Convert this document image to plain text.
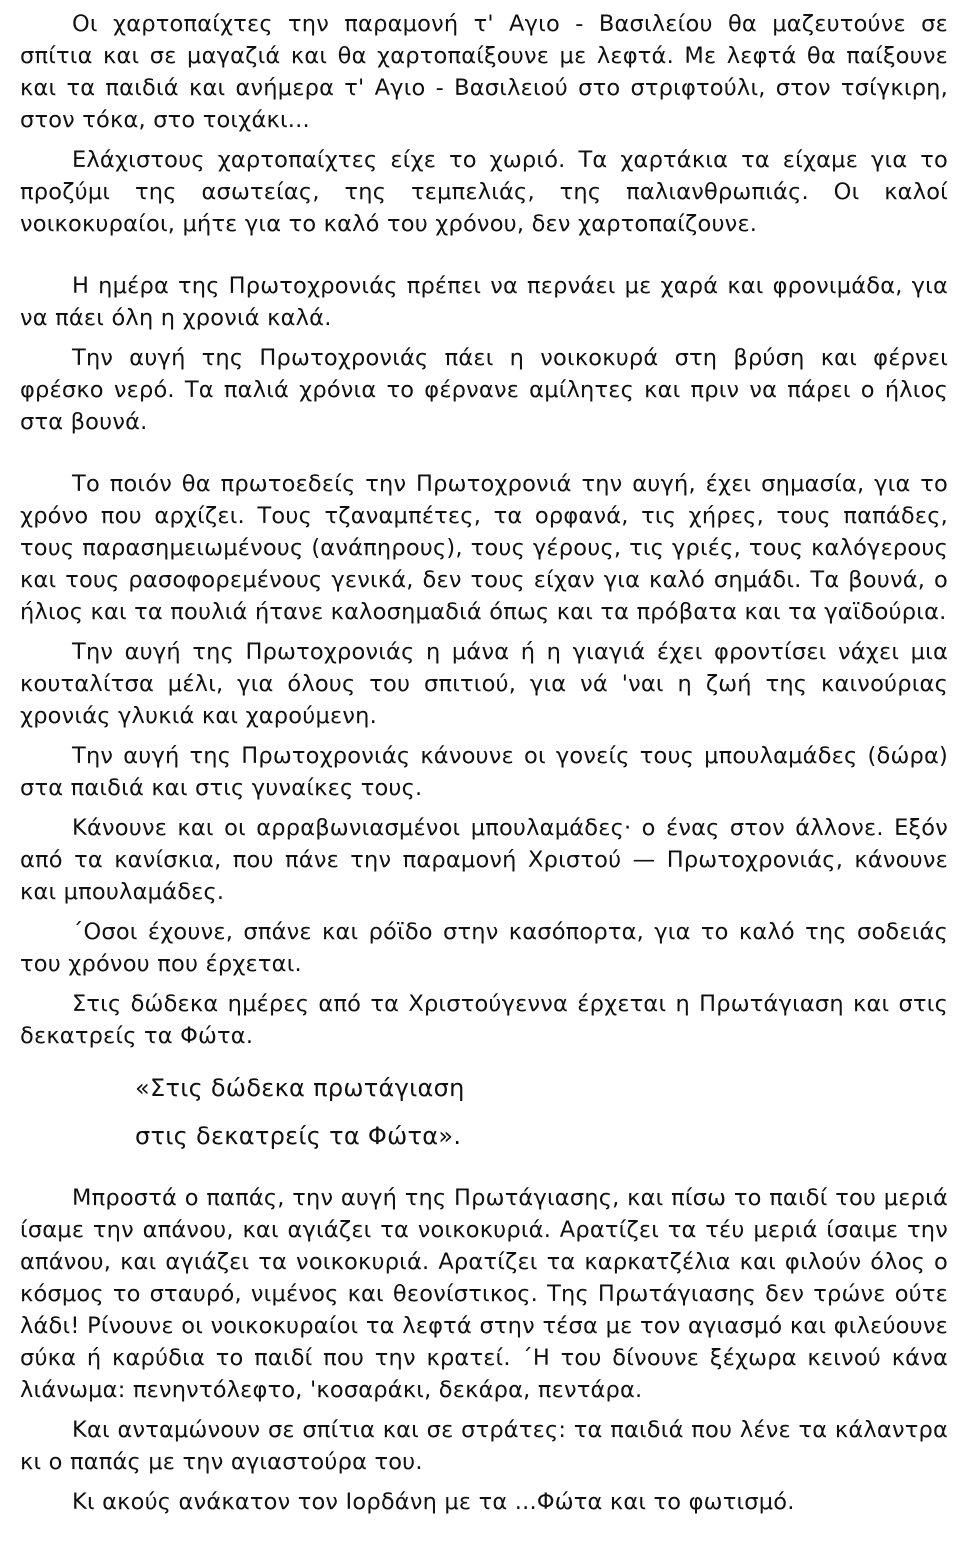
Οι χαρτοπαίχτες την παραμονή τ' Αγιο - Βασιλείου θα μαζευτούνε σε σπίτια και σε μαγαζιά και θα χαρτοπαίξουνε με λεφτά. Με λεφτά θα παίξουνε και τα παιδιά και ανήμερα τ' Αγιο - Βασιλειού στο στριφτούλι, στον τσίγκιρη, στον τόκα, στο τοιχάκι...

Ελάχιστους χαρτοπαίχτες είχε το χωριό. Τα χαρτάκια τα είχαμε για το προζύμι της ασωτείας, της τεμπελιάς, της παλιανθρωπιάς. Οι καλοί νοικοκυραίοι, μήτε για το καλό του χρόνου, δεν χαρτοπαίζουνε.

Η ημέρα της Πρωτοχρονιάς πρέπει να περνάει με χαρά και φρονιμάδα, για να πάει όλη η χρονιά καλά.

Την αυγή της Πρωτοχρονιάς πάει η νοικοκυρά στη βρύση και φέρνει φρέσκο νερό. Τα παλιά χρόνια το φέρνανε αμίλητες και πριν να πάρει ο ήλιος στα βουνά.

Το ποιόν θα πρωτοεδείς την Πρωτοχρονιά την αυγή, έχει σημασία, για το χρόνο που αρχίζει. Τους τζαναμπέτες, τα ορφανά, τις χήρες, τους παπάδες, τους παρασημειωμένους (ανάπηρους), τους γέρους, τις γριές, τους καλόγερους και τους ρασοφορεμένους γενικά, δεν τους είχαν για καλό σημάδι. Τα βουνά, ο ήλιος και τα πουλιά ήτανε καλοσημαδιά όπως και τα πρόβατα και τα γαϊδούρια.

Την αυγή της Πρωτοχρονιάς η μάνα ή η γιαγιά έχει φροντίσει νάχει μια κουταλίτσα μέλι, για όλους του σπιτιού, για νά 'ναι η ζωή της καινούριας χρονιάς γλυκιά και χαρούμενη.

Την αυγή της Πρωτοχρονιάς κάνουνε οι γονείς τους μπουλαμάδες (δώρα) στα παιδιά και στις γυναίκες τους.

Κάνουνε και οι αρραβωνιασμένοι μπουλαμάδες· ο ένας στον άλλονε. Εξόν από τα κανίσκια, που πάνε την παραμονή Χριστού — Πρωτοχρονιάς, κάνουνε και μπουλαμάδες.

΄Οσοι έχουνε, σπάνε και ρόϊδο στην κασόπορτα, για το καλό της σοδειάς του χρόνου που έρχεται.

Στις δώδεκα ημέρες από τα Χριστούγεννα έρχεται η Πρωτάγιαση και στις δεκατρείς τα Φώτα.

«Στις δώδεκα πρωτάγιαση
στις δεκατρείς τα Φώτα».

Μπροστά ο παπάς, την αυγή της Πρωτάγιασης, και πίσω το παιδί του μεριά ίσαμε την απάνου, και αγιάζει τα νοικοκυριά. Αρατίζει τα τέυ μεριά ίσαιμε την απάνου, και αγιάζει τα νοικοκυριά. Αρατίζει τα καρκατζέλια και φιλούν όλος ο κόσμος το σταυρό, νιμένος και θεονίστικος. Της Πρωτάγιασης δεν τρώνε ούτε λάδι! Ρίνουνε οι νοικοκυραίοι τα λεφτά στην τέσα με τον αγιασμό και φιλεύουνε σύκα ή καρύδια το παιδί που την κρατεί. ΄Η του δίνουνε ξέχωρα κεινού κάνα λιάνωμα: πενηντόλεφτο, 'κοσαράκι, δεκάρα, πεντάρα.

Και ανταμώνουν σε σπίτια και σε στράτες: τα παιδιά που λένε τα κάλαντρα κι ο παπάς με την αγιαστούρα του.

Κι ακούς ανάκατον τον Ιορδάνη με τα ...Φώτα και το φωτισμό.
